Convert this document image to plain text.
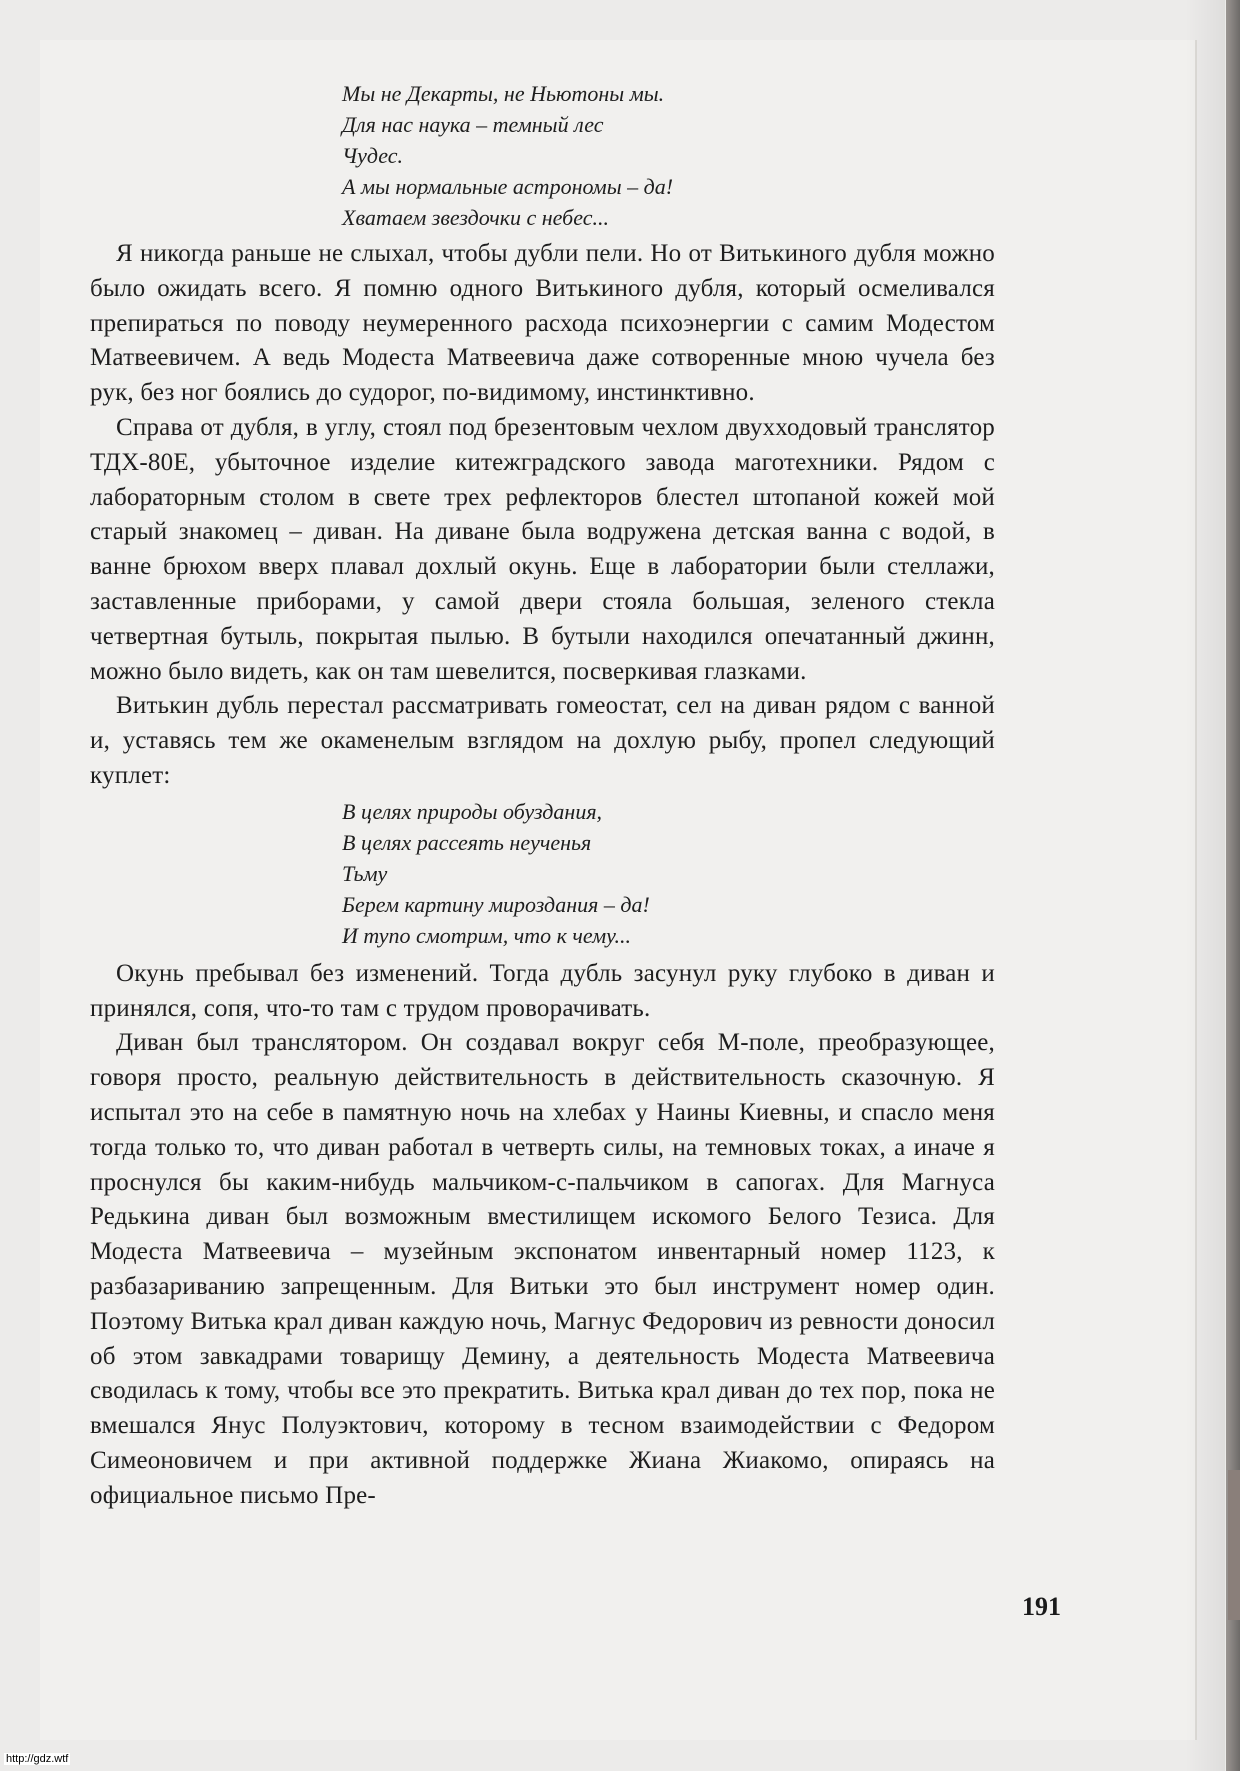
Мы не Декарты, не Ньютоны мы.
Для нас наука – темный лес
Чудес.
А мы нормальные астрономы – да!
Хватаем звездочки с небес...

Я никогда раньше не слыхал, чтобы дубли пели. Но от Витькиного дубля можно было ожидать всего. Я помню одного Витькиного дубля, который осмеливался препираться по поводу неумеренного расхода психоэнергии с самим Модестом Матвеевичем. А ведь Модеста Матвеевича даже сотворенные мною чучела без рук, без ног боялись до судорог, по-видимому, инстинктивно.

Справа от дубля, в углу, стоял под брезентовым чехлом двухходовый транслятор ТДХ-80Е, убыточное изделие китежградского завода маготехники. Рядом с лабораторным столом в свете трех рефлекторов блестел штопаной кожей мой старый знакомец – диван. На диване была водружена детская ванна с водой, в ванне брюхом вверх плавал дохлый окунь. Еще в лаборатории были стеллажи, заставленные приборами, у самой двери стояла большая, зеленого стекла четвертная бутыль, покрытая пылью. В бутыли находился опечатанный джинн, можно было видеть, как он там шевелится, посверкивая глазками.

Витькин дубль перестал рассматривать гомеостат, сел на диван рядом с ванной и, уставясь тем же окаменелым взглядом на дохлую рыбу, пропел следующий куплет:

В целях природы обуздания,
В целях рассеять неученья
Тьму
Берем картину мироздания – да!
И тупо смотрим, что к чему...

Окунь пребывал без изменений. Тогда дубль засунул руку глубоко в диван и принялся, сопя, что-то там с трудом проворачивать.

Диван был транслятором. Он создавал вокруг себя М-поле, преобразующее, говоря просто, реальную действительность в действительность сказочную. Я испытал это на себе в памятную ночь на хлебах у Наины Киевны, и спасло меня тогда только то, что диван работал в четверть силы, на темновых токах, а иначе я проснулся бы каким-нибудь мальчиком-с-пальчиком в сапогах. Для Магнуса Редькина диван был возможным вместилищем искомого Белого Тезиса. Для Модеста Матвеевича – музейным экспонатом инвентарный номер 1123, к разбазариванию запрещенным. Для Витьки это был инструмент номер один. Поэтому Витька крал диван каждую ночь, Магнус Федорович из ревности доносил об этом завкадрами товарищу Демину, а деятельность Модеста Матвеевича сводилась к тому, чтобы все это прекратить. Витька крал диван до тех пор, пока не вмешался Янус Полуэктович, которому в тесном взаимодействии с Федором Симеоновичем и при активной поддержке Жиана Жиакомо, опираясь на официальное письмо Пре-

191
http://gdz.wtf
